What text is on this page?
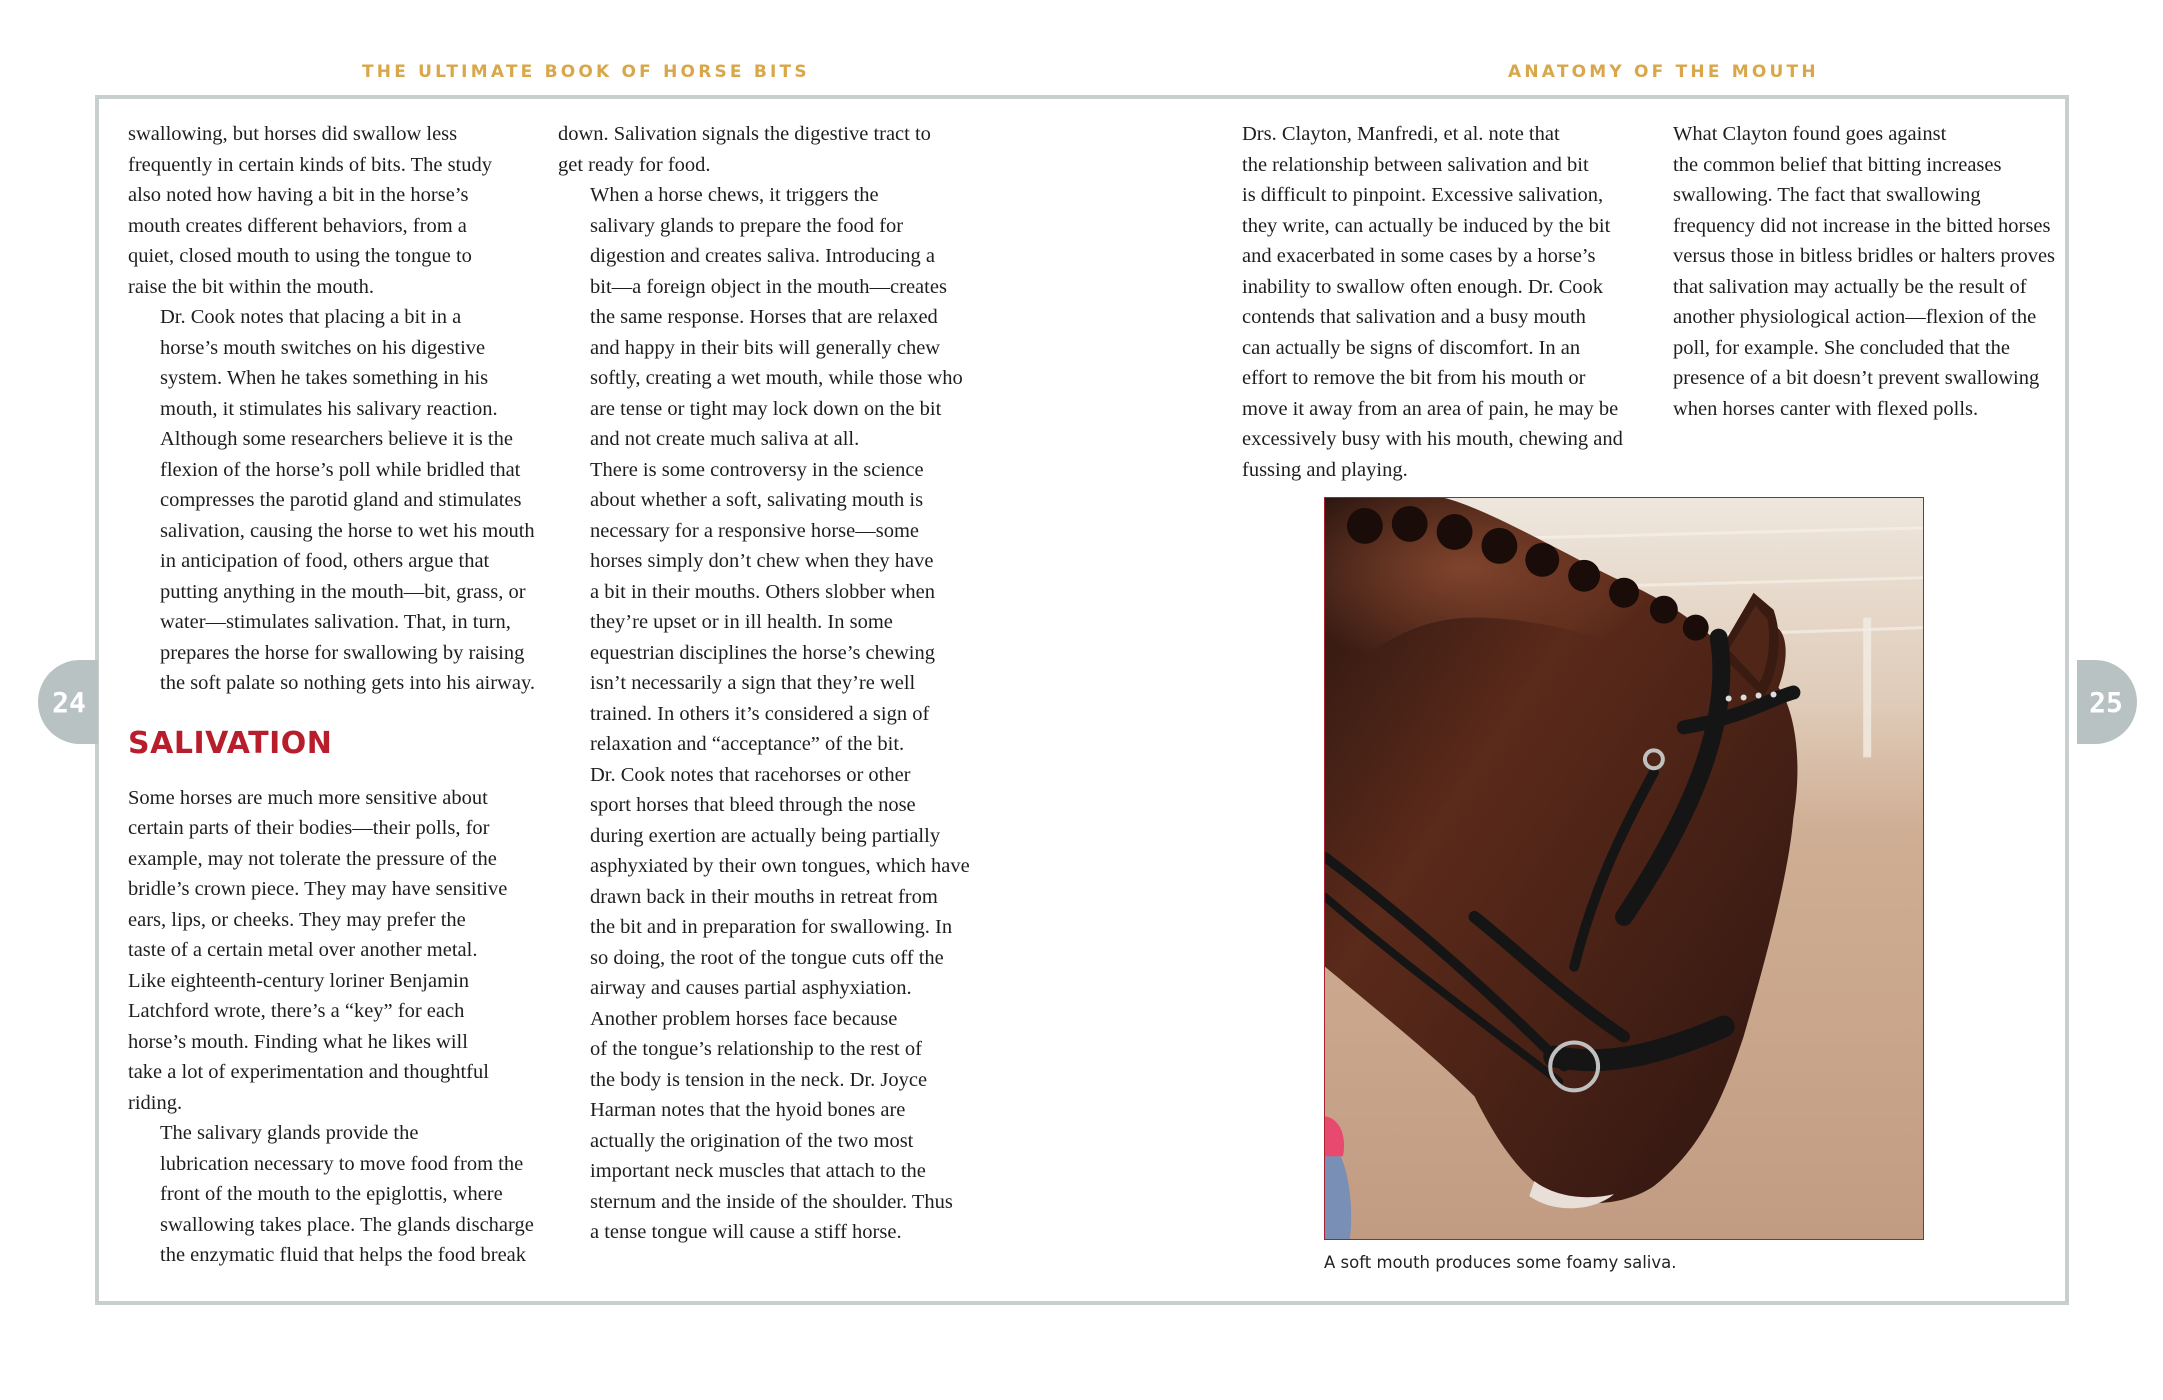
THE ULTIMATE BOOK OF HORSE BITS	ANATOMY OF THE MOUTH
24	25

swallowing, but horses did swallow less
frequently in certain kinds of bits. The study
also noted how having a bit in the horse’s
mouth creates different behaviors, from a
quiet, closed mouth to using the tongue to
raise the bit within the mouth.

Dr. Cook notes that placing a bit in a
horse’s mouth switches on his digestive
system. When he takes something in his
mouth, it stimulates his salivary reaction.
Although some researchers believe it is the
flexion of the horse’s poll while bridled that
compresses the parotid gland and stimulates
salivation, causing the horse to wet his mouth
in anticipation of food, others argue that
putting anything in the mouth—bit, grass, or
water—stimulates salivation. That, in turn,
prepares the horse for swallowing by raising
the soft palate so nothing gets into his airway.

SALIVATION

Some horses are much more sensitive about
certain parts of their bodies—their polls, for
example, may not tolerate the pressure of the
bridle’s crown piece. They may have sensitive
ears, lips, or cheeks. They may prefer the
taste of a certain metal over another metal.
Like eighteenth-century loriner Benjamin
Latchford wrote, there’s a “key” for each
horse’s mouth. Finding what he likes will
take a lot of experimentation and thoughtful
riding.

The salivary glands provide the
lubrication necessary to move food from the
front of the mouth to the epiglottis, where
swallowing takes place. The glands discharge
the enzymatic fluid that helps the food break

down. Salivation signals the digestive tract to
get ready for food.

When a horse chews, it triggers the
salivary glands to prepare the food for
digestion and creates saliva. Introducing a
bit—a foreign object in the mouth—creates
the same response. Horses that are relaxed
and happy in their bits will generally chew
softly, creating a wet mouth, while those who
are tense or tight may lock down on the bit
and not create much saliva at all.

There is some controversy in the science
about whether a soft, salivating mouth is
necessary for a responsive horse—some
horses simply don’t chew when they have
a bit in their mouths. Others slobber when
they’re upset or in ill health. In some
equestrian disciplines the horse’s chewing
isn’t necessarily a sign that they’re well
trained. In others it’s considered a sign of
relaxation and “acceptance” of the bit.

Dr. Cook notes that racehorses or other
sport horses that bleed through the nose
during exertion are actually being partially
asphyxiated by their own tongues, which have
drawn back in their mouths in retreat from
the bit and in preparation for swallowing. In
so doing, the root of the tongue cuts off the
airway and causes partial asphyxiation.

Another problem horses face because
of the tongue’s relationship to the rest of
the body is tension in the neck. Dr. Joyce
Harman notes that the hyoid bones are
actually the origination of the two most
important neck muscles that attach to the
sternum and the inside of the shoulder. Thus
a tense tongue will cause a stiff horse.

Drs. Clayton, Manfredi, et al. note that
the relationship between salivation and bit
is difficult to pinpoint. Excessive salivation,
they write, can actually be induced by the bit
and exacerbated in some cases by a horse’s
inability to swallow often enough. Dr. Cook
contends that salivation and a busy mouth
can actually be signs of discomfort. In an
effort to remove the bit from his mouth or
move it away from an area of pain, he may be
excessively busy with his mouth, chewing and
fussing and playing.

What Clayton found goes against
the common belief that bitting increases
swallowing. The fact that swallowing
frequency did not increase in the bitted horses
versus those in bitless bridles or halters proves
that salivation may actually be the result of
another physiological action—flexion of the
poll, for example. She concluded that the
presence of a bit doesn’t prevent swallowing
when horses canter with flexed polls.

A soft mouth produces some foamy saliva.
